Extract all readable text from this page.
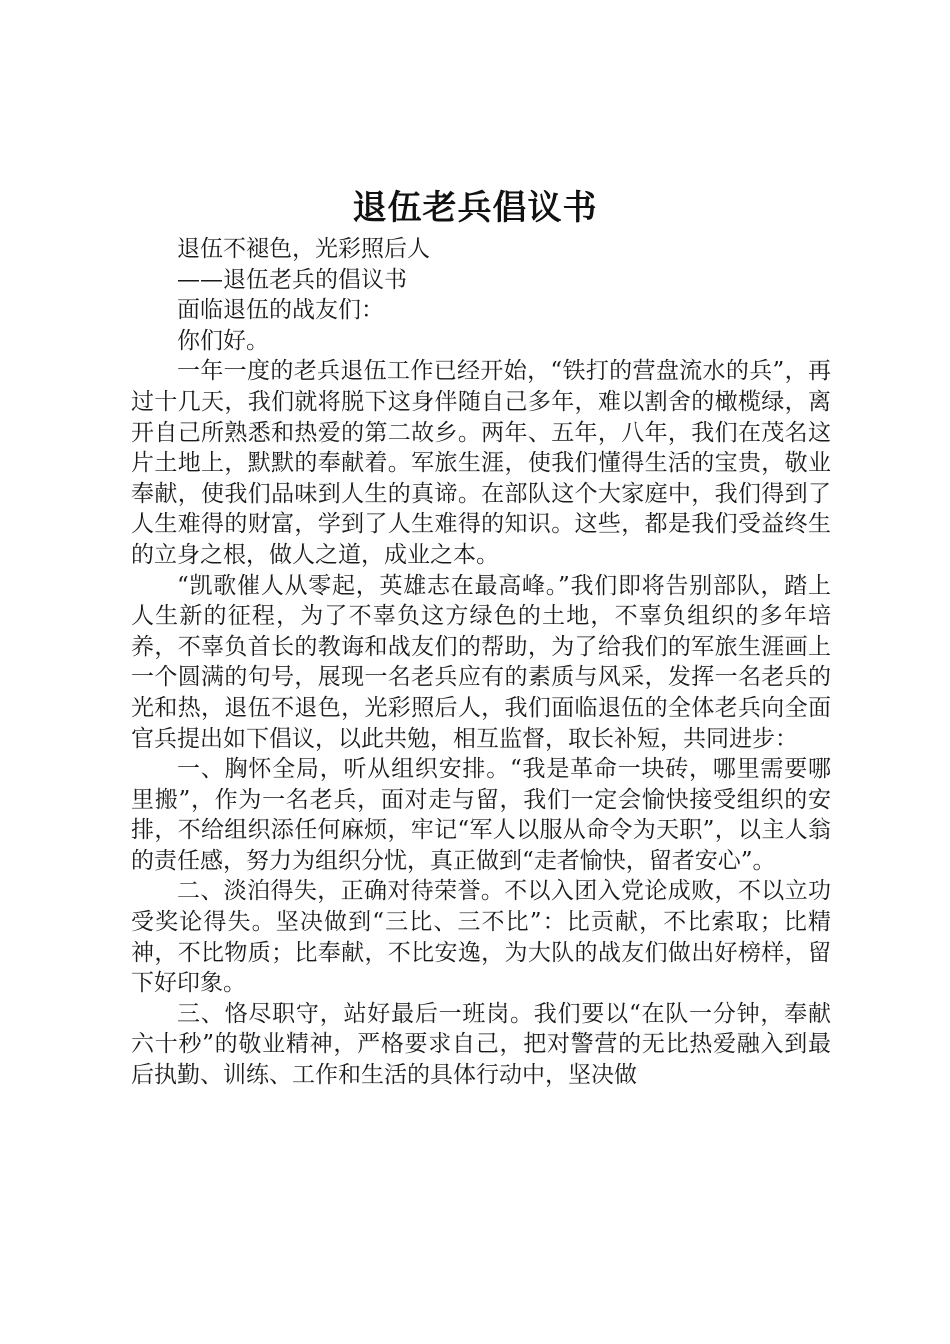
退伍老兵倡议书

退伍不褪色，光彩照后人

——退伍老兵的倡议书

面临退伍的战友们：

你们好。

一年一度的老兵退伍工作已经开始，“铁打的营盘流水的兵”，再过十几天，我们就将脱下这身伴随自己多年，难以割舍的橄榄绿，离开自己所熟悉和热爱的第二故乡。两年、五年，八年，我们在茂名这片土地上，默默的奉献着。军旅生涯，使我们懂得生活的宝贵，敬业奉献，使我们品味到人生的真谛。在部队这个大家庭中，我们得到了人生难得的财富，学到了人生难得的知识。这些，都是我们受益终生的立身之根，做人之道，成业之本。

“凯歌催人从零起，英雄志在最高峰。”我们即将告别部队，踏上人生新的征程，为了不辜负这方绿色的土地，不辜负组织的多年培养，不辜负首长的教诲和战友们的帮助，为了给我们的军旅生涯画上一个圆满的句号，展现一名老兵应有的素质与风采，发挥一名老兵的光和热，退伍不退色，光彩照后人，我们面临退伍的全体老兵向全面官兵提出如下倡议，以此共勉，相互监督，取长补短，共同进步：

一、胸怀全局，听从组织安排。“我是革命一块砖，哪里需要哪里搬”，作为一名老兵，面对走与留，我们一定会愉快接受组织的安排，不给组织添任何麻烦，牢记“军人以服从命令为天职”，以主人翁的责任感，努力为组织分忧，真正做到“走者愉快，留者安心”。

二、淡泊得失，正确对待荣誉。不以入团入党论成败，不以立功受奖论得失。坚决做到“三比、三不比”：比贡献，不比索取；比精神，不比物质；比奉献，不比安逸，为大队的战友们做出好榜样，留下好印象。

三、恪尽职守，站好最后一班岗。我们要以“在队一分钟，奉献六十秒”的敬业精神，严格要求自己，把对警营的无比热爱融入到最后执勤、训练、工作和生活的具体行动中，坚决做
